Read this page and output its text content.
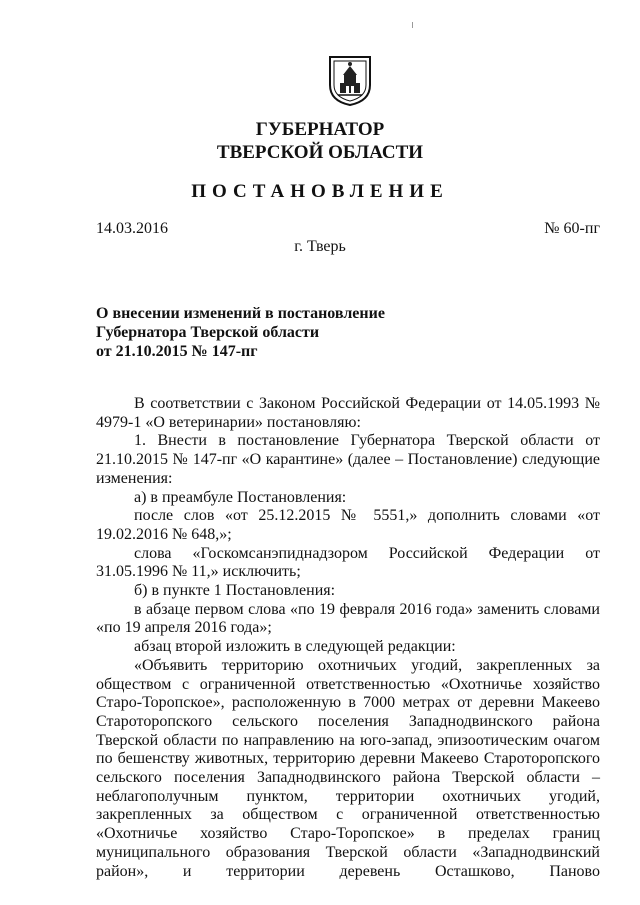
ГУБЕРНАТОР
ТВЕРСКОЙ ОБЛАСТИ
ПОСТАНОВЛЕНИЕ
14.03.2016	№ 60-пг
г. Тверь
О внесении изменений в постановление
Губернатора Тверской области
от 21.10.2015 № 147-пг

В соответствии с Законом Российской Федерации от 14.05.1993 № 4979-1 «О ветеринарии» постановляю:

1. Внести в постановление Губернатора Тверской области от 21.10.2015 № 147-пг «О карантине» (далее – Постановление) следующие изменения:

а) в преамбуле Постановления:

после слов «от 25.12.2015 № 5551,» дополнить словами «от 19.02.2016 № 648,»;

слова «Госкомсанэпиднадзором Российской Федерации от 31.05.1996 № 11,» исключить;

б) в пункте 1 Постановления:

в абзаце первом слова «по 19 февраля 2016 года» заменить словами «по 19 апреля 2016 года»;

абзац второй изложить в следующей редакции:

«Объявить территорию охотничьих угодий, закрепленных за обществом с ограниченной ответственностью «Охотничье хозяйство Старо-Торопское», расположенную в 7000 метрах от деревни Макеево Староторопского сельского поселения Западнодвинского района Тверской области по направлению на юго-запад, эпизоотическим очагом по бешенству животных, территорию деревни Макеево Староторопского сельского поселения Западнодвинского района Тверской области – неблагополучным пунктом, территории охотничьих угодий, закрепленных за обществом с ограниченной ответственностью «Охотничье хозяйство Старо-Торопское» в пределах границ муниципального образования Тверской области «Западнодвинский район», и территории деревень Осташково, Паново
